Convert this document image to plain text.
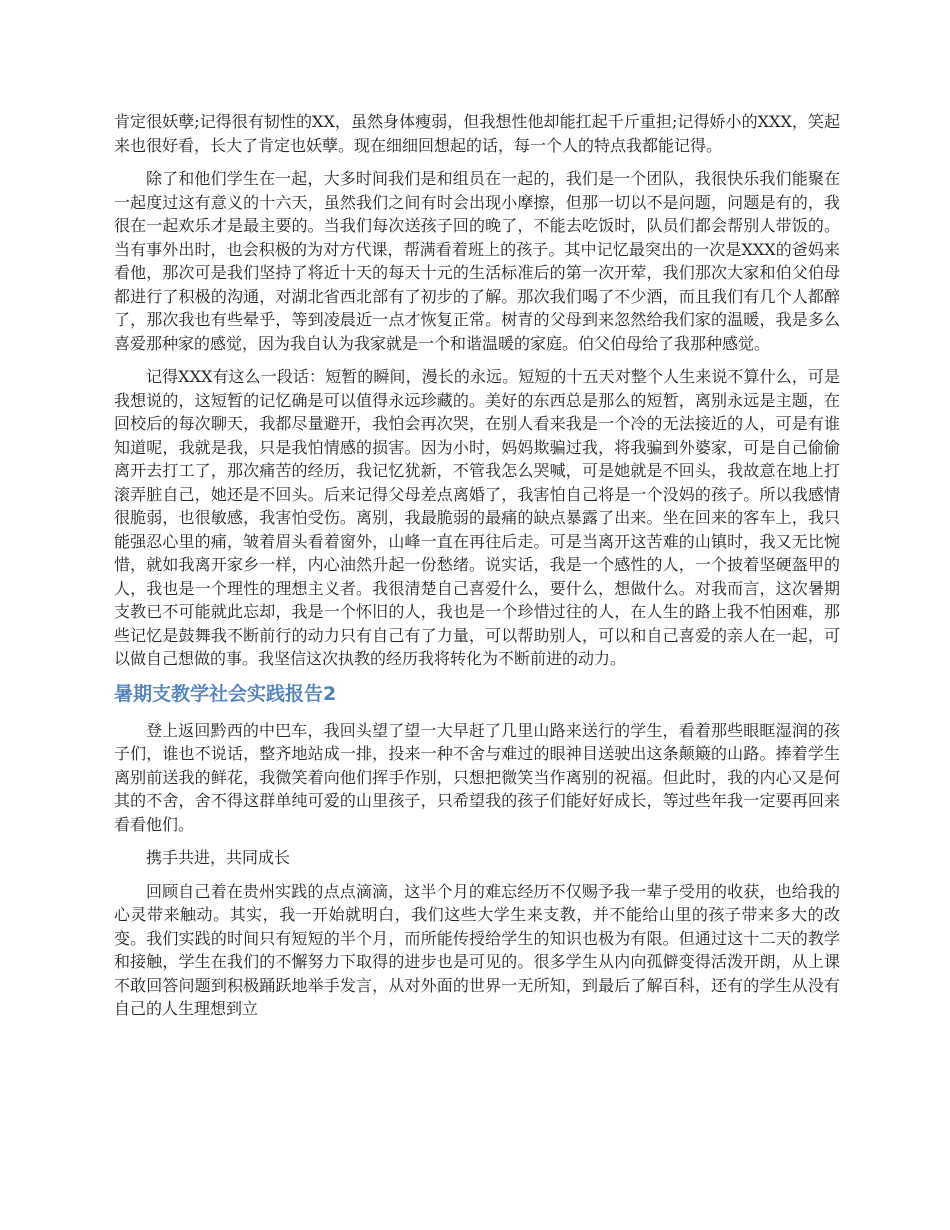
肯定很妖孽;记得很有韧性的XX，虽然身体瘦弱，但我想性他却能扛起千斤重担;记得娇小的XXX，笑起来也很好看，长大了肯定也妖孽。现在细细回想起的话，每一个人的特点我都能记得。

除了和他们学生在一起，大多时间我们是和组员在一起的，我们是一个团队，我很快乐我们能聚在一起度过这有意义的十六天，虽然我们之间有时会出现小摩擦，但那一切以不是问题，问题是有的，我很在一起欢乐才是最主要的。当我们每次送孩子回的晚了，不能去吃饭时，队员们都会帮别人带饭的。当有事外出时，也会积极的为对方代课，帮满看着班上的孩子。其中记忆最突出的一次是XXX的爸妈来看他，那次可是我们坚持了将近十天的每天十元的生活标准后的第一次开荤，我们那次大家和伯父伯母都进行了积极的沟通，对湖北省西北部有了初步的了解。那次我们喝了不少酒，而且我们有几个人都醉了，那次我也有些晕乎，等到凌晨近一点才恢复正常。树青的父母到来忽然给我们家的温暖，我是多么喜爱那种家的感觉，因为我自认为我家就是一个和谐温暖的家庭。伯父伯母给了我那种感觉。

记得XXX有这么一段话：短暂的瞬间，漫长的永远。短短的十五天对整个人生来说不算什么，可是我想说的，这短暂的记忆确是可以值得永远珍藏的。美好的东西总是那么的短暂，离别永远是主题，在回校后的每次聊天，我都尽量避开，我怕会再次哭，在别人看来我是一个冷的无法接近的人，可是有谁知道呢，我就是我，只是我怕情感的损害。因为小时，妈妈欺骗过我，将我骗到外婆家，可是自己偷偷离开去打工了，那次痛苦的经历，我记忆犹新，不管我怎么哭喊，可是她就是不回头，我故意在地上打滚弄脏自己，她还是不回头。后来记得父母差点离婚了，我害怕自己将是一个没妈的孩子。所以我感情很脆弱，也很敏感，我害怕受伤。离别，我最脆弱的最痛的缺点暴露了出来。坐在回来的客车上，我只能强忍心里的痛，皱着眉头看着窗外，山峰一直在再往后走。可是当离开这苦难的山镇时，我又无比惋惜，就如我离开家乡一样，内心油然升起一份愁绪。说实话，我是一个感性的人，一个披着坚硬盔甲的人，我也是一个理性的理想主义者。我很清楚自己喜爱什么，要什么，想做什么。对我而言，这次暑期支教已不可能就此忘却，我是一个怀旧的人，我也是一个珍惜过往的人，在人生的路上我不怕困难，那些记忆是鼓舞我不断前行的动力只有自己有了力量，可以帮助别人，可以和自己喜爱的亲人在一起，可以做自己想做的事。我坚信这次执教的经历我将转化为不断前进的动力。

暑期支教学社会实践报告2

登上返回黔西的中巴车，我回头望了望一大早赶了几里山路来送行的学生，看着那些眼眶湿润的孩子们，谁也不说话，整齐地站成一排，投来一种不舍与难过的眼神目送驶出这条颠簸的山路。捧着学生离别前送我的鲜花，我微笑着向他们挥手作别，只想把微笑当作离别的祝福。但此时，我的内心又是何其的不舍，舍不得这群单纯可爱的山里孩子，只希望我的孩子们能好好成长，等过些年我一定要再回来看看他们。

携手共进，共同成长

回顾自己着在贵州实践的点点滴滴，这半个月的难忘经历不仅赐予我一辈子受用的收获，也给我的心灵带来触动。其实，我一开始就明白，我们这些大学生来支教，并不能给山里的孩子带来多大的改变。我们实践的时间只有短短的半个月，而所能传授给学生的知识也极为有限。但通过这十二天的教学和接触，学生在我们的不懈努力下取得的进步也是可见的。很多学生从内向孤僻变得活泼开朗，从上课不敢回答问题到积极踊跃地举手发言，从对外面的世界一无所知，到最后了解百科，还有的学生从没有自己的人生理想到立
